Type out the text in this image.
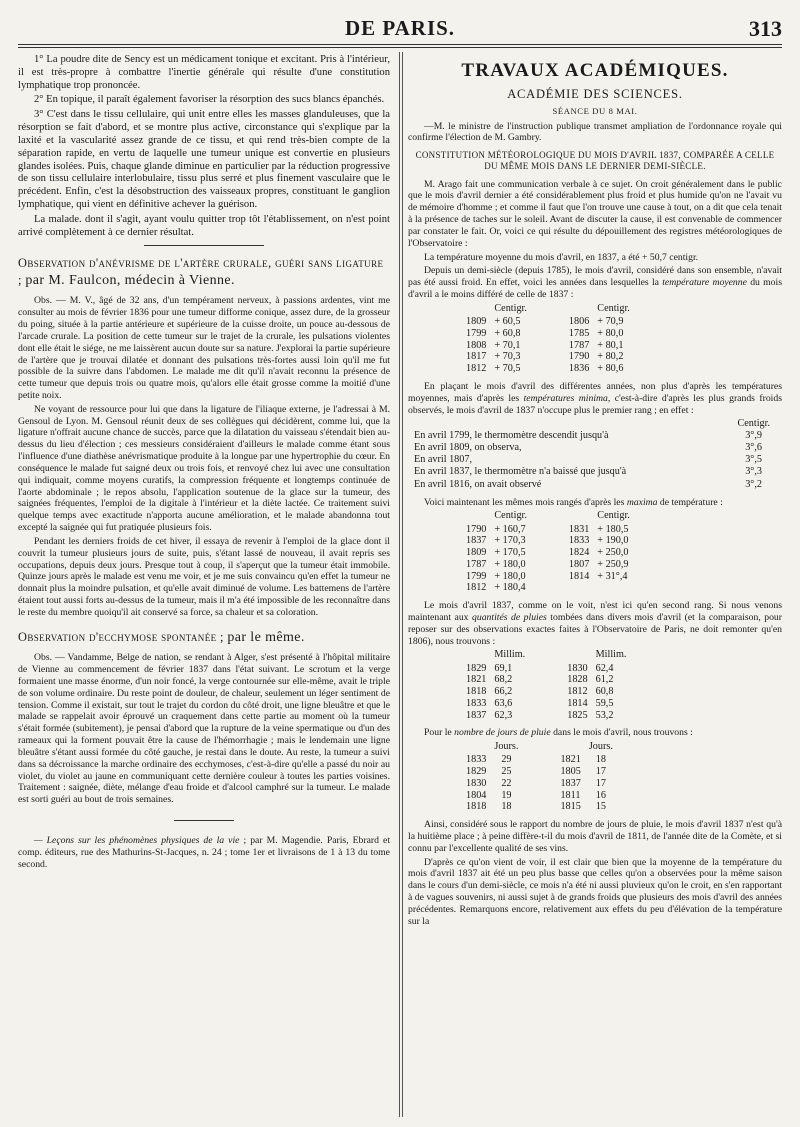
DE PARIS.	313

1° La poudre dite de Sency est un médicament tonique et excitant. Pris à l'intérieur, il est très-propre à combattre l'inertie générale qui résulte d'une constitution lymphatique trop prononcée.

2° En topique, il paraît également favoriser la résorption des sucs blancs épanchés.

3° C'est dans le tissu cellulaire, qui unit entre elles les masses glanduleuses, que la résorption se fait d'abord, et se montre plus active, circonstance qui s'explique par la laxité et la vascularité assez grande de ce tissu, et qui rend très-bien compte de la séparation rapide, en vertu de laquelle une tumeur unique est convertie en plusieurs glandes isolées. Puis, chaque glande diminue en particulier par la réduction progressive de son tissu cellulaire interlobulaire, tissu plus serré et plus finement vasculaire que le précédent. Enfin, c'est la désobstruction des vaisseaux propres, constituant le ganglion lymphatique, qui vient en définitive achever la guérison.

La malade. dont il s'agit, ayant voulu quitter trop tôt l'établissement, on n'est point arrivé complètement à ce dernier résultat.

Observation d'anévrisme de l'artère crurale, guéri sans ligature ; par M. Faulcon, médecin à Vienne.

Obs. — M. V., âgé de 32 ans, d'un tempérament nerveux, à passions ardentes, vint me consulter au mois de février 1836 pour une tumeur difforme conique, assez dure, de la grosseur du poing, située à la partie antérieure et supérieure de la cuisse droite, un pouce au-dessous de l'arcade crurale. La position de cette tumeur sur le trajet de la crurale, les pulsations violentes dont elle était le siége, ne me laissèrent aucun doute sur sa nature. J'explorai la partie supérieure de l'artère que je trouvai dilatée et donnant des pulsations très-fortes aussi loin qu'il me fut possible de la suivre dans l'abdomen. Le malade me dit qu'il n'avait reconnu la présence de cette tumeur que depuis trois ou quatre mois, qu'alors elle était grosse comme la moitié d'une petite noix.

Ne voyant de ressource pour lui que dans la ligature de l'iliaque externe, je l'adressai à M. Gensoul de Lyon. M. Gensoul réunit deux de ses collègues qui décidèrent, comme lui, que la ligature n'offrait aucune chance de succès, parce que la dilatation du vaisseau s'étendait bien au-dessus du lieu d'élection ; ces messieurs considéraient d'ailleurs le malade comme étant sous l'influence d'une diathèse anévrismatique produite à la longue par une hypertrophie du cœur. En conséquence le malade fut saigné deux ou trois fois, et renvoyé chez lui avec une consultation qui indiquait, comme moyens curatifs, la compression fréquente et longtemps continuée de l'aorte abdominale ; le repos absolu, l'application soutenue de la glace sur la tumeur, des saignées fréquentes, l'emploi de la digitale à l'intérieur et la diète lactée. Ce traitement suivi quelque temps avec exactitude n'apporta aucune amélioration, et le malade abandonna tout excepté la saignée qui fut pratiquée plusieurs fois.

Pendant les derniers froids de cet hiver, il essaya de revenir à l'emploi de la glace dont il couvrit la tumeur plusieurs jours de suite, puis, s'étant lassé de nouveau, il avait repris ses occupations, depuis deux jours. Presque tout à coup, il s'aperçut que la tumeur était immobile. Quinze jours après le malade est venu me voir, et je me suis convaincu qu'en effet la tumeur ne donnait plus la moindre pulsation, et qu'elle avait diminué de volume. Les battemens de l'artère étaient tout aussi forts au-dessus de la tumeur, mais il m'a été impossible de les reconnaître dans le reste du membre quoiqu'il ait conservé sa force, sa chaleur et sa coloration.

Observation d'ecchymose spontanée ; par le même.

Obs. — Vandamme, Belge de nation, se rendant à Alger, s'est présenté à l'hôpital militaire de Vienne au commencement de février 1837 dans l'état suivant. Le scrotum et la verge formaient une masse énorme, d'un noir foncé, la verge contournée sur elle-même, avait le triple de son volume ordinaire. Du reste point de douleur, de chaleur, seulement un léger sentiment de tension. Comme il existait, sur tout le trajet du cordon du côté droit, une ligne bleuâtre et que le malade se rappelait avoir éprouvé un craquement dans cette partie au moment où la tumeur s'était formée (subitement), je pensai d'abord que la rupture de la veine spermatique ou d'un des rameaux qui la forment pouvait être la cause de l'hémorrhagie ; mais le lendemain une ligne bleuâtre s'étant aussi formée du côté gauche, je restai dans le doute. Au reste, la tumeur a suivi dans sa décroissance la marche ordinaire des ecchymoses, c'est-à-dire qu'elle a passé du noir au violet, du violet au jaune en communiquant cette dernière couleur à toutes les parties voisines. Traitement : saignée, diète, mélange d'eau froide et d'alcool camphré sur la tumeur. Le malade est sorti guéri au bout de trois semaines.

— Leçons sur les phénomènes physiques de la vie ; par M. Magendie. Paris, Ebrard et comp. éditeurs, rue des Mathurins-St-Jacques, n. 24 ; tome 1er et livraisons de 1 à 13 du tome second.

TRAVAUX ACADÉMIQUES.
ACADÉMIE DES SCIENCES.
SÉANCE DU 8 MAI.

—M. le ministre de l'instruction publique transmet ampliation de l'ordonnance royale qui confirme l'élection de M. Gambry.

CONSTITUTION MÉTÉOROLOGIQUE DU MOIS D'AVRIL 1837, COMPARÉE A CELLE DU MÊME MOIS DANS LE DERNIER DEMI-SIÈCLE.

M. Arago fait une communication verbale à ce sujet. On croit généralement dans le public que le mois d'avril dernier a été considérablement plus froid et plus humide qu'on ne l'avait vu de mémoire d'homme ; et comme il faut que l'on trouve une cause à tout, on a dit que cela tenait à la présence de taches sur le soleil. Avant de discuter la cause, il est convenable de commencer par constater le fait. Or, voici ce qui résulte du dépouillement des registres météorologiques de l'Observatoire :

La température moyenne du mois d'avril, en 1837, a été + 50,7 centigr.

Depuis un demi-siècle (depuis 1785), le mois d'avril, considéré dans son ensemble, n'avait pas été aussi froid. En effet, voici les années dans lesquelles la température moyenne du mois d'avril a le moins différé de celle de 1837 :

	Centigr.			Centigr.
1809	+ 60,5		1806	+ 70,9
1799	+ 60,8		1785	+ 80,0
1808	+ 70,1		1787	+ 80,1
1817	+ 70,3		1790	+ 80,2
1812	+ 70,5		1836	+ 80,6

En plaçant le mois d'avril des différentes années, non plus d'après les températures moyennes, mais d'après les températures minima, c'est-à-dire d'après les plus grands froids observés, le mois d'avril de 1837 n'occupe plus le premier rang ; en effet :

	Centigr.
En avril 1799, le thermomètre descendit jusqu'à	3°,9
En avril 1809, on observa,	3°,6
En avril 1807,	3°,5
En avril 1837, le thermomètre n'a baissé que jusqu'à	3°,3
En avril 1816, on avait observé	3°,2

Voici maintenant les mêmes mois rangés d'après les maxima de température :

	Centigr.			Centigr.
1790	+ 160,7		1831	+ 180,5
1837	+ 170,3		1833	+ 190,0
1809	+ 170,5		1824	+ 250,0
1787	+ 180,0		1807	+ 250,9
1799	+ 180,0		1814	+ 31°,4
1812	+ 180,4			

Le mois d'avril 1837, comme on le voit, n'est ici qu'en second rang. Si nous venons maintenant aux quantités de pluies tombées dans divers mois d'avril (et la comparaison, pour reposer sur des observations exactes faites à l'Observatoire de Paris, ne doit remonter qu'en 1806), nous trouvons :

	Millim.			Millim.
1829	69,1		1830	62,4
1821	68,2		1828	61,2
1818	66,2		1812	60,8
1833	63,6		1814	59,5
1837	62,3		1825	53,2

Pour le nombre de jours de pluie dans le mois d'avril, nous trouvons :

	Jours.			Jours.
1833	29		1821	18
1829	25		1805	17
1830	22		1837	17
1804	19		1811	16
1818	18		1815	15

Ainsi, considéré sous le rapport du nombre de jours de pluie, le mois d'avril 1837 n'est qu'à la huitième place ; à peine diffère-t-il du mois d'avril de 1811, de l'année dite de la Comète, et si connu par l'excellente qualité de ses vins.

D'après ce qu'on vient de voir, il est clair que bien que la moyenne de la température du mois d'avril 1837 ait été un peu plus basse que celles qu'on a observées pour la même saison dans le cours d'un demi-siècle, ce mois n'a été ni aussi pluvieux qu'on le croit, en s'en rapportant à de vagues souvenirs, ni aussi sujet à de grands froids que plusieurs des mois d'avril des années précédentes. Remarquons encore, relativement aux effets du peu d'élévation de la température sur la
